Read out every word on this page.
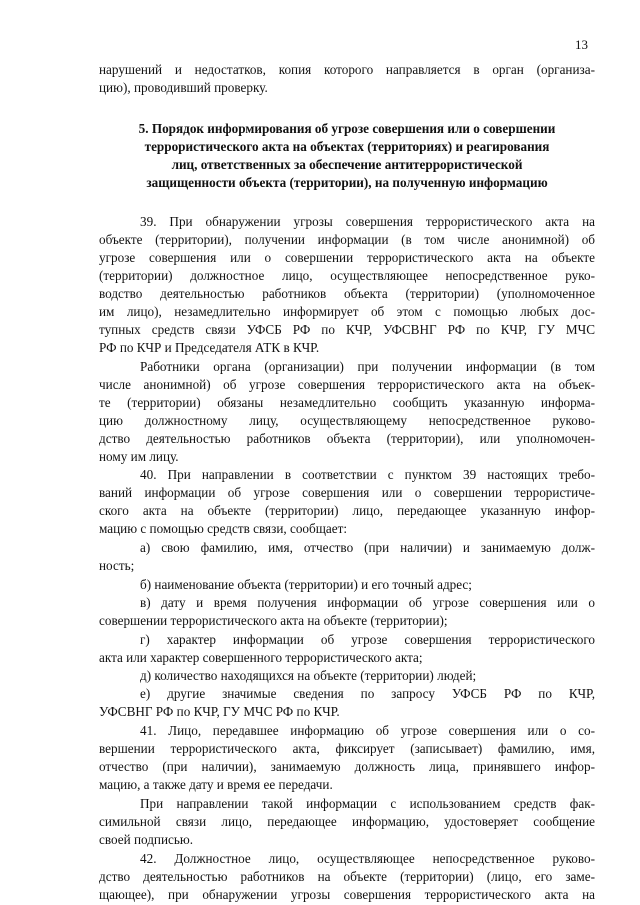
13
нарушений и недостатков, копия которого направляется в орган (организа-
цию), проводивший проверку.
5. Порядок информирования об угрозе совершения или о совершении
террористического акта на объектах (территориях) и реагирования
лиц, ответственных за обеспечение антитеррористической
защищенности объекта (территории), на полученную информацию
39. При обнаружении угрозы совершения террористического акта на
объекте (территории), получении информации (в том числе анонимной) об
угрозе совершения или о совершении террористического акта на объекте
(территории) должностное лицо, осуществляющее непосредственное руко-
водство деятельностью работников объекта (территории) (уполномоченное
им лицо), незамедлительно информирует об этом с помощью любых дос-
тупных средств связи УФСБ РФ по КЧР, УФСВНГ РФ по КЧР, ГУ МЧС
РФ по КЧР и Председателя АТК в КЧР.
Работники органа (организации) при получении информации (в том
числе анонимной) об угрозе совершения террористического акта на объек-
те (территории) обязаны незамедлительно сообщить указанную информа-
цию должностному лицу, осуществляющему непосредственное руково-
дство деятельностью работников объекта (территории), или уполномочен-
ному им лицу.
40. При направлении в соответствии с пунктом 39 настоящих требо-
ваний информации об угрозе совершения или о совершении террористиче-
ского акта на объекте (территории) лицо, передающее указанную инфор-
мацию с помощью средств связи, сообщает:
а) свою фамилию, имя, отчество (при наличии) и занимаемую долж-
ность;
б) наименование объекта (территории) и его точный адрес;
в) дату и время получения информации об угрозе совершения или о
совершении террористического акта на объекте (территории);
г) характер информации об угрозе совершения террористического
акта или характер совершенного террористического акта;
д) количество находящихся на объекте (территории) людей;
е) другие значимые сведения по запросу УФСБ РФ по КЧР,
УФСВНГ РФ по КЧР, ГУ МЧС РФ по КЧР.
41. Лицо, передавшее информацию об угрозе совершения или о со-
вершении террористического акта, фиксирует (записывает) фамилию, имя,
отчество (при наличии), занимаемую должность лица, принявшего инфор-
мацию, а также дату и время ее передачи.
При направлении такой информации с использованием средств фак-
симильной связи лицо, передающее информацию, удостоверяет сообщение
своей подписью.
42. Должностное лицо, осуществляющее непосредственное руково-
дство деятельностью работников на объекте (территории) (лицо, его заме-
щающее), при обнаружении угрозы совершения террористического акта на
